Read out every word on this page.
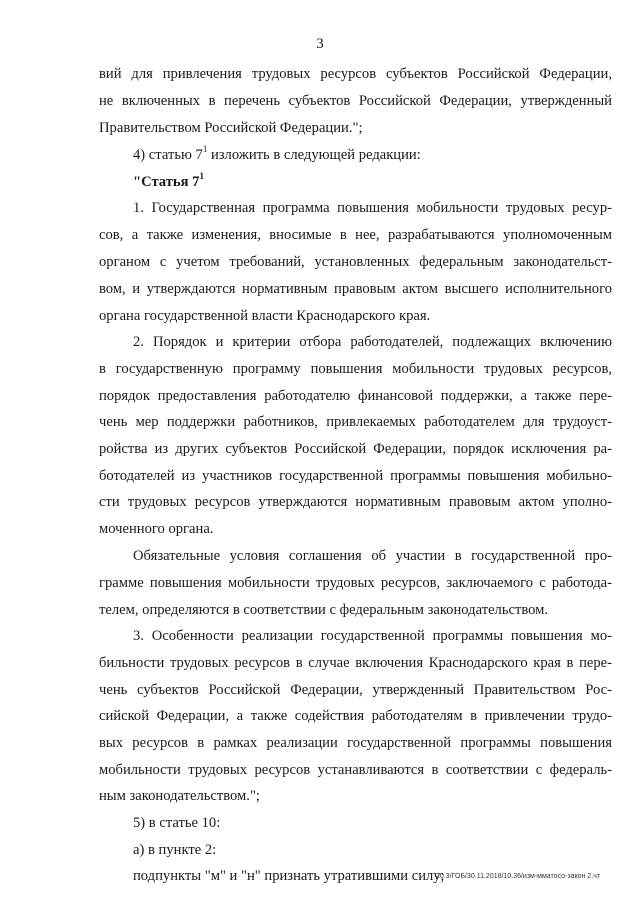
3
вий для привлечения трудовых ресурсов субъектов Российской Федерации,
не включенных в перечень субъектов Российской Федерации, утвержденный
Правительством Российской Федерации.";
4) статью $7^1$ изложить в следующей редакции:
"Статья $7^1$
1. Государственная программа повышения мобильности трудовых ресур-
сов, а также изменения, вносимые в нее, разрабатываются уполномоченным
органом с учетом требований, установленных федеральным законодательст-
вом, и утверждаются нормативным правовым актом высшего исполнительного
органа государственной власти Краснодарского края.
2. Порядок и критерии отбора работодателей, подлежащих включению
в государственную программу повышения мобильности трудовых ресурсов,
порядок предоставления работодателю финансовой поддержки, а также пере-
чень мер поддержки работников, привлекаемых работодателем для трудоуст-
ройства из других субъектов Российской Федерации, порядок исключения ра-
ботодателей из участников государственной программы повышения мобильно-
сти трудовых ресурсов утверждаются нормативным правовым актом уполно-
моченного органа.
Обязательные условия соглашения об участии в государственной про-
грамме повышения мобильности трудовых ресурсов, заключаемого с работода-
телем, определяются в соответствии с федеральным законодательством.
3. Особенности реализации государственной программы повышения мо-
бильности трудовых ресурсов в случае включения Краснодарского края в пере-
чень субъектов Российской Федерации, утвержденный Правительством Рос-
сийской Федерации, а также содействия работодателям в привлечении трудо-
вых ресурсов в рамках реализации государственной программы повышения
мобильности трудовых ресурсов устанавливаются в соответствии с федераль-
ным законодательством.";
5) в статье 10:
а) в пункте 2:
подпункты "м" и "н" признать утратившими силу;
20.3/ГОБ/30.11.2018/10.36/изм-мматосо-закон 2.чт
